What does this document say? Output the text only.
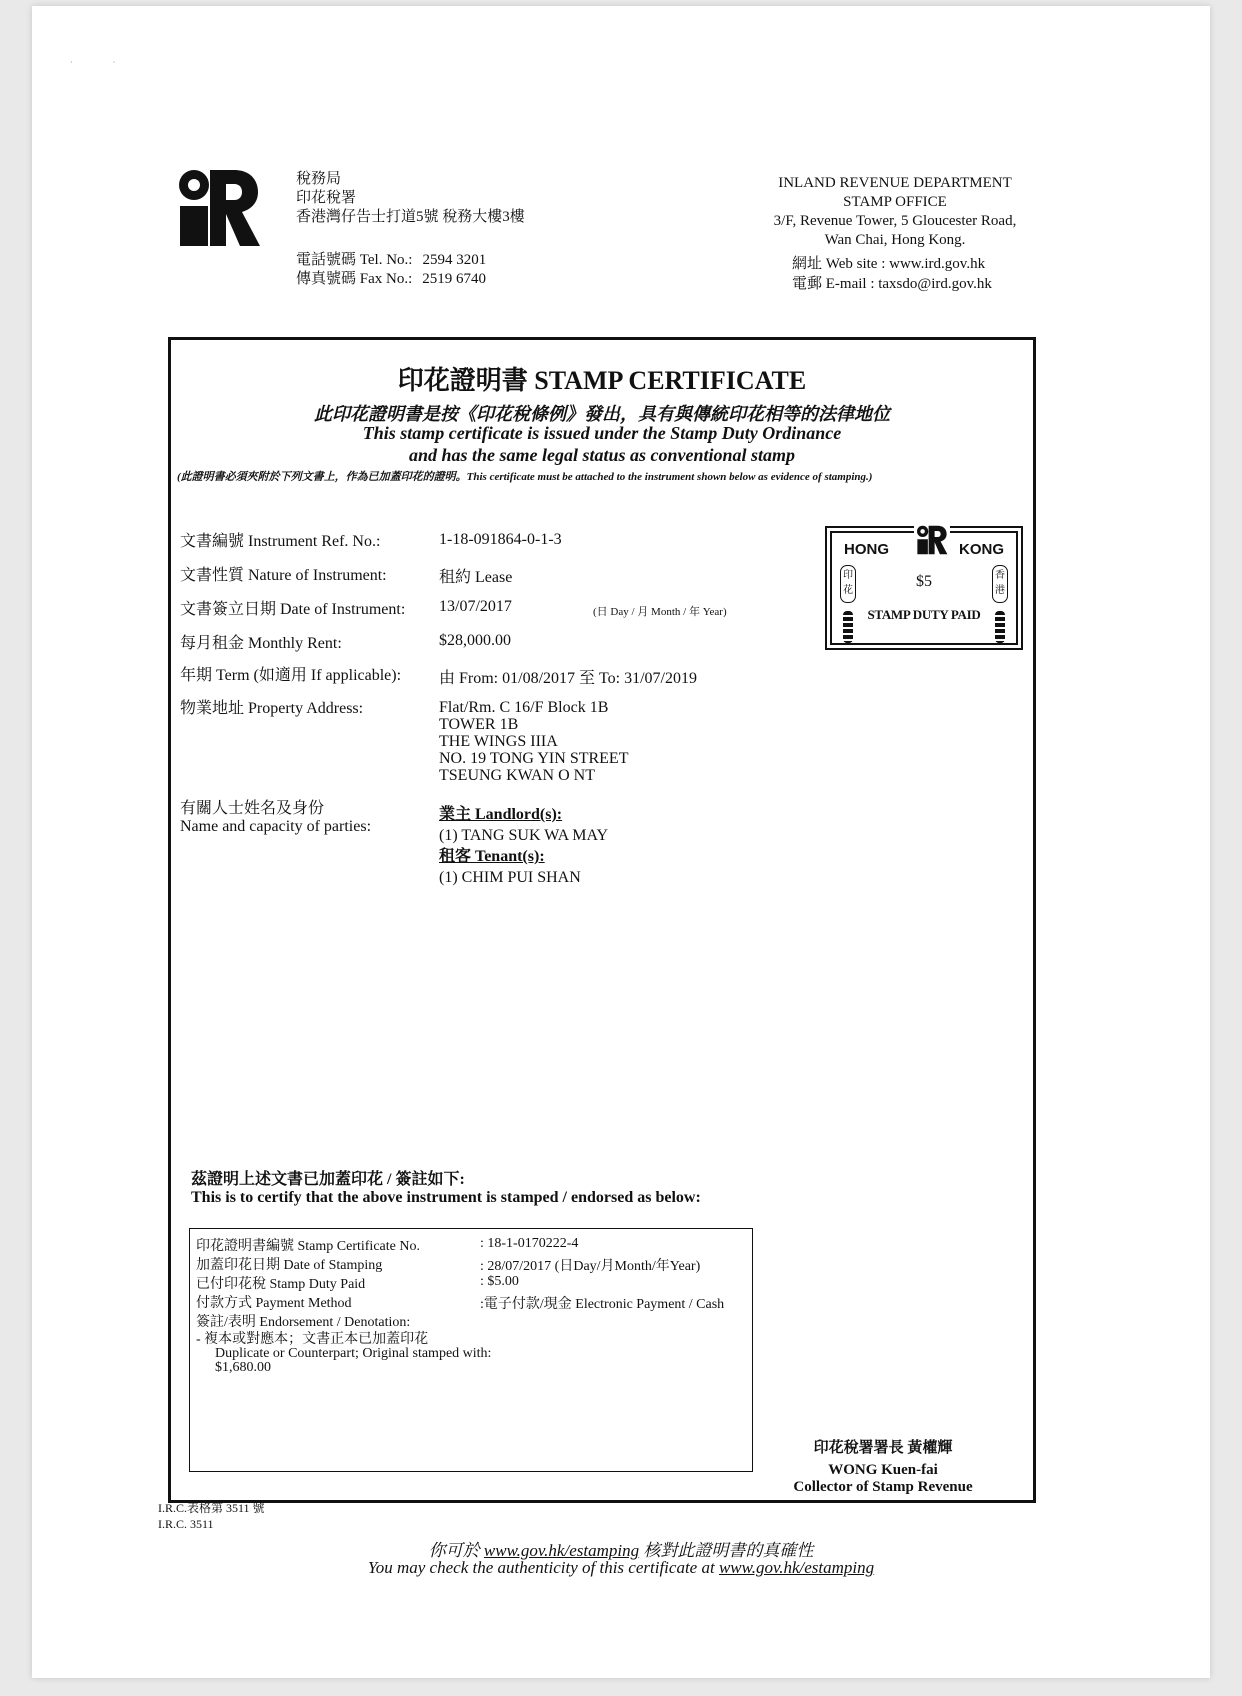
·                    ·
稅務局
印花稅署
香港灣仔告士打道5號 稅務大樓3樓
電話號碼 Tel. No.: 2594 3201
傳真號碼 Fax No.: 2519 6740
INLAND REVENUE DEPARTMENT
STAMP OFFICE
3/F, Revenue Tower, 5 Gloucester Road,
Wan Chai, Hong Kong.
網址 Web site : www.ird.gov.hk
電郵 E-mail : taxsdo@ird.gov.hk
印花證明書 STAMP CERTIFICATE
此印花證明書是按《印花稅條例》發出，具有與傳統印花相等的法律地位
This stamp certificate is issued under the Stamp Duty Ordinance
and has the same legal status as conventional stamp
(此證明書必須夾附於下列文書上，作為已加蓋印花的證明。This certificate must be attached to the instrument shown below as evidence of stamping.)
文書編號 Instrument Ref. No.:	1-18-091864-0-1-3
文書性質 Nature of Instrument:	租約 Lease
文書簽立日期 Date of Instrument: 13/07/2017	(日 Day / 月 Month / 年 Year)
每月租金 Monthly Rent:	$28,000.00
年期 Term (如適用 If applicable): 由 From: 01/08/2017 至 To: 31/07/2019
物業地址 Property Address:	Flat/Rm. C 16/F Block 1B
TOWER 1B
THE WINGS IIIA
NO. 19 TONG YIN STREET
TSEUNG KWAN O NT
有關人士姓名及身份
Name and capacity of parties:
業主 Landlord(s):
(1) TANG SUK WA MAY
租客 Tenant(s):
(1) CHIM PUI SHAN
HONG	KONG
印花
香港
$5
STAMP DUTY PAID
茲證明上述文書已加蓋印花 / 簽註如下:
This is to certify that the above instrument is stamped / endorsed as below:
印花證明書編號 Stamp Certificate No.	: 18-1-0170222-4
加蓋印花日期 Date of Stamping	: 28/07/2017 (日Day/月Month/年Year)
已付印花稅 Stamp Duty Paid	: $5.00
付款方式 Payment Method	:電子付款/現金 Electronic Payment / Cash
簽註/表明 Endorsement / Denotation:
- 複本或對應本；文書正本已加蓋印花
Duplicate or Counterpart; Original stamped with:
$1,680.00
印花稅署署長 黃權輝
WONG Kuen-fai
Collector of Stamp Revenue
I.R.C.表格第 3511 號
I.R.C. 3511
你可於 www.gov.hk/estamping 核對此證明書的真確性
You may check the authenticity of this certificate at www.gov.hk/estamping
